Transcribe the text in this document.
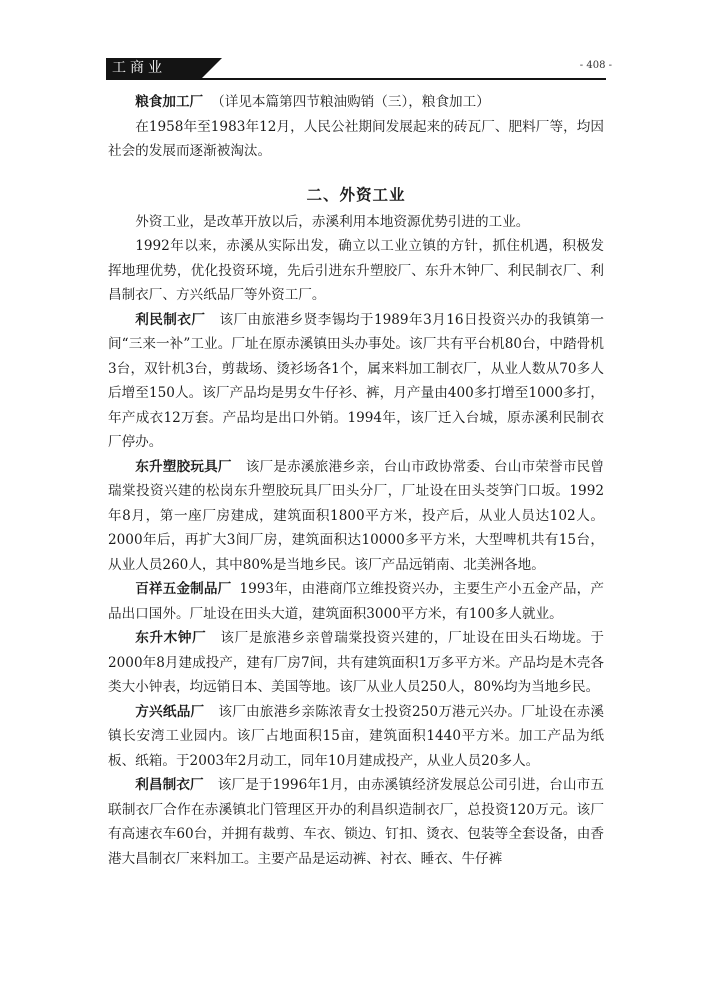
工商业	- 408 -

粮食加工厂 （详见本篇第四节粮油购销（三），粮食加工）

在1958年至1983年12月，人民公社期间发展起来的砖瓦厂、肥料厂等，均因社会的发展而逐渐被淘汰。

二、外资工业

外资工业，是改革开放以后，赤溪利用本地资源优势引进的工业。

1992年以来，赤溪从实际出发，确立以工业立镇的方针，抓住机遇，积极发挥地理优势，优化投资环境，先后引进东升塑胶厂、东升木钟厂、利民制衣厂、利昌制衣厂、方兴纸品厂等外资工厂。

利民制衣厂 该厂由旅港乡贤李锡均于1989年3月16日投资兴办的我镇第一间“三来一补”工业。厂址在原赤溪镇田头办事处。该厂共有平台机80台，中踏骨机3台，双针机3台，剪裁场、烫衫场各1个，属来料加工制衣厂，从业人数从70多人后增至150人。该厂产品均是男女牛仔衫、裤，月产量由400多打增至1000多打，年产成衣12万套。产品均是出口外销。1994年，该厂迁入台城，原赤溪利民制衣厂停办。

东升塑胶玩具厂 该厂是赤溪旅港乡亲，台山市政协常委、台山市荣誉市民曾瑞棠投资兴建的松岗东升塑胶玩具厂田头分厂，厂址设在田头茭笋门口坂。1992年8月，第一座厂房建成，建筑面积1800平方米，投产后，从业人员达102人。2000年后，再扩大3间厂房，建筑面积达10000多平方米，大型啤机共有15台，从业人员260人，其中80%是当地乡民。该厂产品远销南、北美洲各地。

百祥五金制品厂 1993年，由港商邝立维投资兴办，主要生产小五金产品，产品出口国外。厂址设在田头大道，建筑面积3000平方米，有100多人就业。

东升木钟厂 该厂是旅港乡亲曾瑞棠投资兴建的，厂址设在田头石坳垅。于2000年8月建成投产，建有厂房7间，共有建筑面积1万多平方米。产品均是木壳各类大小钟表，均远销日本、美国等地。该厂从业人员250人，80%均为当地乡民。

方兴纸品厂 该厂由旅港乡亲陈浓青女士投资250万港元兴办。厂址设在赤溪镇长安湾工业园内。该厂占地面积15亩，建筑面积1440平方米。加工产品为纸板、纸箱。于2003年2月动工，同年10月建成投产，从业人员20多人。

利昌制衣厂 该厂是于1996年1月，由赤溪镇经济发展总公司引进，台山市五联制衣厂合作在赤溪镇北门管理区开办的利昌织造制衣厂，总投资120万元。该厂有高速衣车60台，并拥有裁剪、车衣、锁边、钉扣、烫衣、包装等全套设备，由香港大昌制衣厂来料加工。主要产品是运动裤、衬衣、睡衣、牛仔裤
